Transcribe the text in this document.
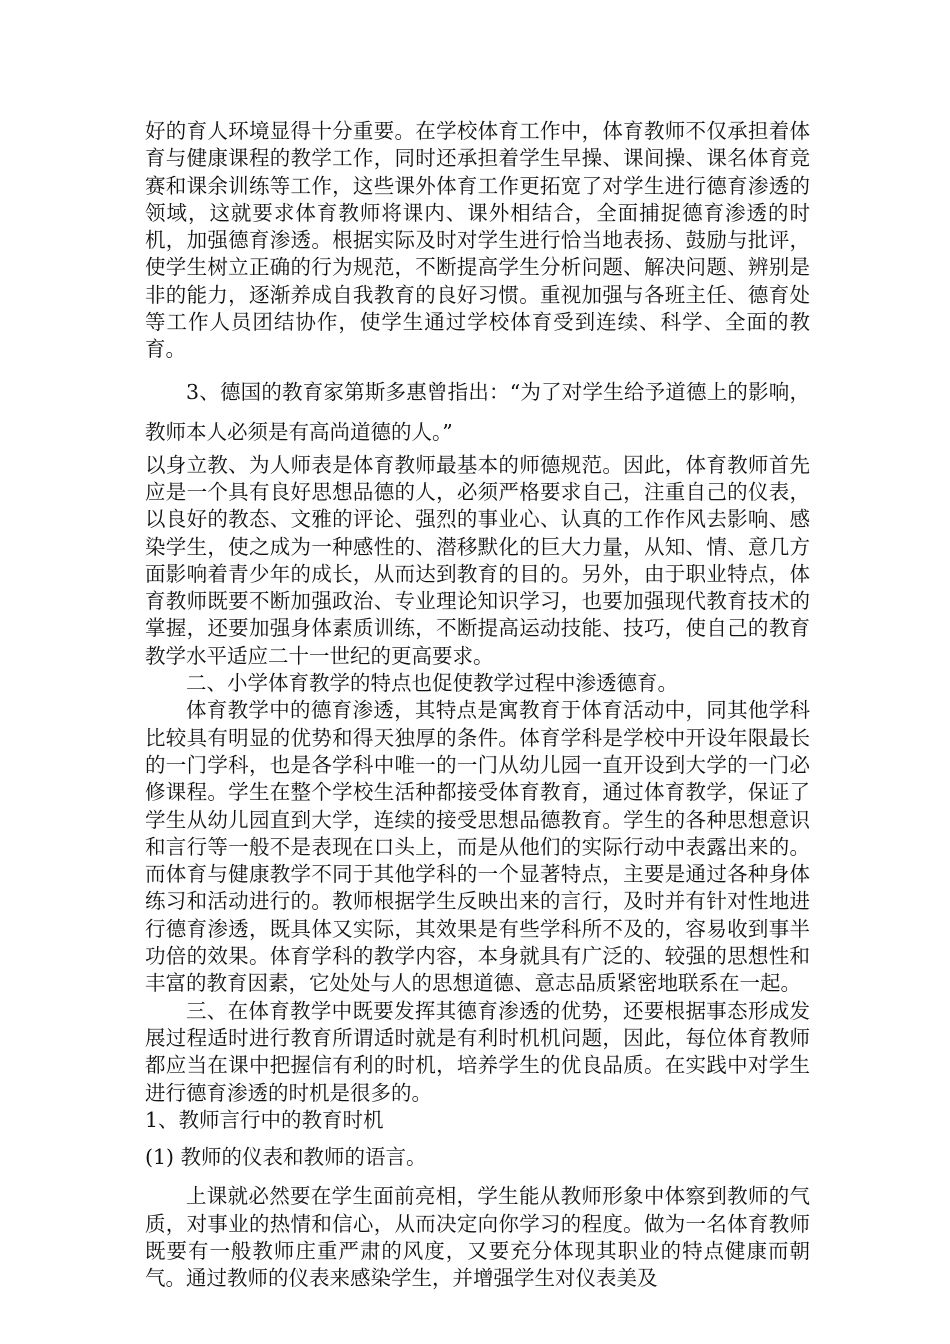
好的育人环境显得十分重要。在学校体育工作中，体育教师不仅承担着体育与健康课程的教学工作，同时还承担着学生早操、课间操、课名体育竞赛和课余训练等工作，这些课外体育工作更拓宽了对学生进行德育渗透的领域，这就要求体育教师将课内、课外相结合，全面捕捉德育渗透的时机，加强德育渗透。根据实际及时对学生进行恰当地表扬、鼓励与批评，使学生树立正确的行为规范，不断提高学生分析问题、解决问题、辨别是非的能力，逐渐养成自我教育的良好习惯。重视加强与各班主任、德育处等工作人员团结协作，使学生通过学校体育受到连续、科学、全面的教育。

3、德国的教育家第斯多惠曾指出：“为了对学生给予道德上的影响，教师本人必须是有高尚道德的人。”

以身立教、为人师表是体育教师最基本的师德规范。因此，体育教师首先应是一个具有良好思想品德的人，必须严格要求自己，注重自己的仪表，以良好的教态、文雅的评论、强烈的事业心、认真的工作作风去影响、感染学生，使之成为一种感性的、潜移默化的巨大力量，从知、情、意几方面影响着青少年的成长，从而达到教育的目的。另外，由于职业特点，体育教师既要不断加强政治、专业理论知识学习，也要加强现代教育技术的掌握，还要加强身体素质训练，不断提高运动技能、技巧，使自己的教育教学水平适应二十一世纪的更高要求。

二、小学体育教学的特点也促使教学过程中渗透德育。

体育教学中的德育渗透，其特点是寓教育于体育活动中，同其他学科比较具有明显的优势和得天独厚的条件。体育学科是学校中开设年限最长的一门学科，也是各学科中唯一的一门从幼儿园一直开设到大学的一门必修课程。学生在整个学校生活种都接受体育教育，通过体育教学，保证了学生从幼儿园直到大学，连续的接受思想品德教育。学生的各种思想意识和言行等一般不是表现在口头上，而是从他们的实际行动中表露出来的。而体育与健康教学不同于其他学科的一个显著特点，主要是通过各种身体练习和活动进行的。教师根据学生反映出来的言行，及时并有针对性地进行德育渗透，既具体又实际，其效果是有些学科所不及的，容易收到事半功倍的效果。体育学科的教学内容，本身就具有广泛的、较强的思想性和丰富的教育因素，它处处与人的思想道德、意志品质紧密地联系在一起。

三、在体育教学中既要发挥其德育渗透的优势，还要根据事态形成发展过程适时进行教育所谓适时就是有利时机机问题，因此，每位体育教师都应当在课中把握信有利的时机，培养学生的优良品质。在实践中对学生进行德育渗透的时机是很多的。

1、教师言行中的教育时机

(1) 教师的仪表和教师的语言。

上课就必然要在学生面前亮相，学生能从教师形象中体察到教师的气质，对事业的热情和信心，从而决定向你学习的程度。做为一名体育教师既要有一般教师庄重严肃的风度，又要充分体现其职业的特点健康而朝气。通过教师的仪表来感染学生，并增强学生对仪表美及
